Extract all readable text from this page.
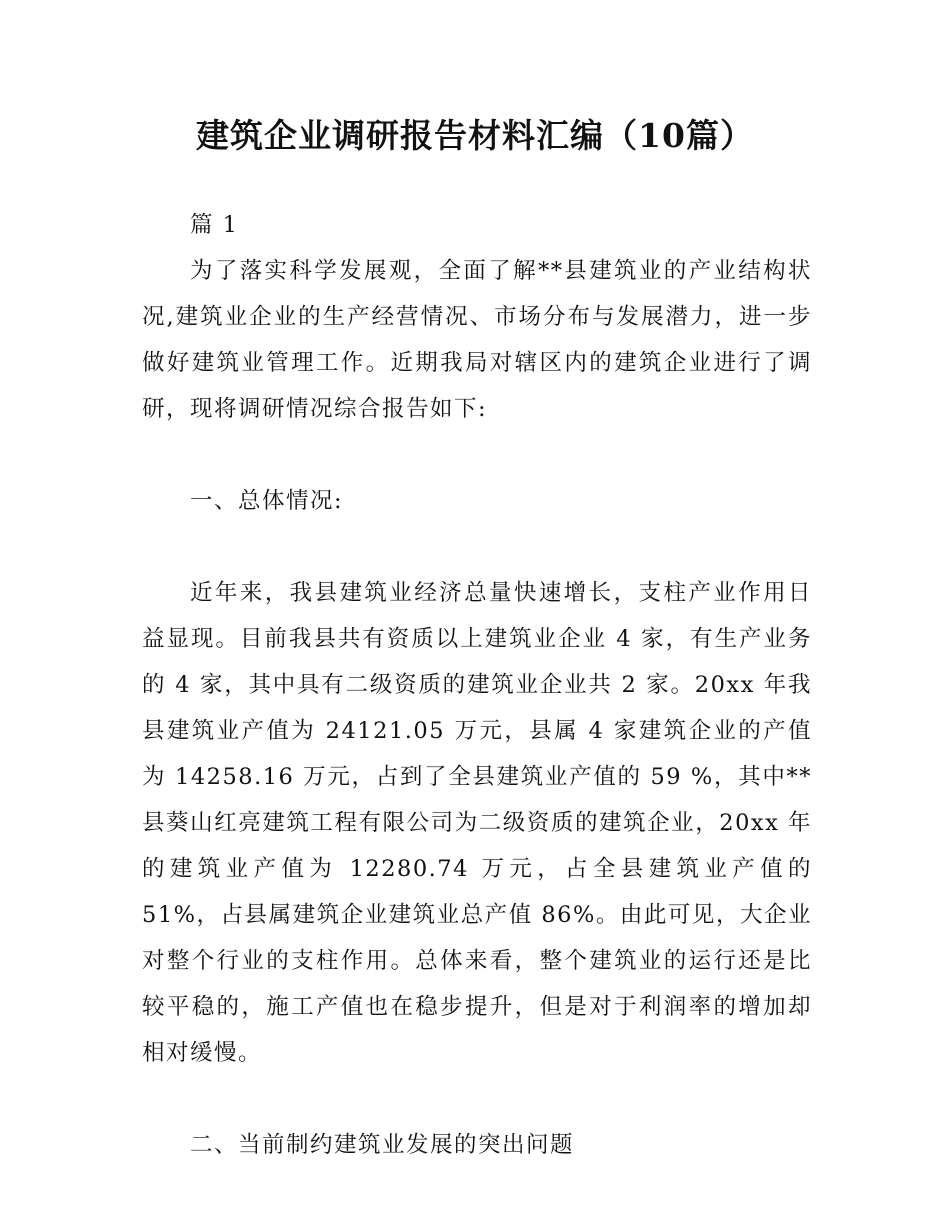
建筑企业调研报告材料汇编（10篇）

篇 1

为了落实科学发展观，全面了解**县建筑业的产业结构状况,建筑业企业的生产经营情况、市场分布与发展潜力，进一步做好建筑业管理工作。近期我局对辖区内的建筑企业进行了调研，现将调研情况综合报告如下:

一、总体情况:

近年来，我县建筑业经济总量快速增长，支柱产业作用日益显现。目前我县共有资质以上建筑业企业 4 家，有生产业务的 4 家，其中具有二级资质的建筑业企业共 2 家。20xx 年我县建筑业产值为 24121.05 万元，县属 4 家建筑企业的产值为 14258.16 万元，占到了全县建筑业产值的 59 %，其中**县葵山红亮建筑工程有限公司为二级资质的建筑企业，20xx 年的建筑业产值为 12280.74 万元，占全县建筑业产值的 51%，占县属建筑企业建筑业总产值 86%。由此可见，大企业对整个行业的支柱作用。总体来看，整个建筑业的运行还是比较平稳的，施工产值也在稳步提升，但是对于利润率的增加却相对缓慢。

二、当前制约建筑业发展的突出问题
